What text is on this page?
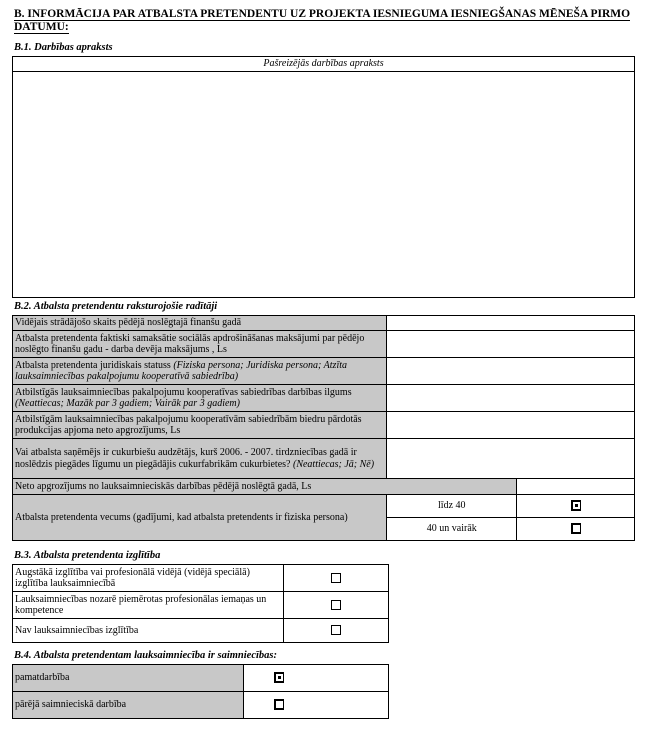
B. INFORMĀCIJA PAR ATBALSTA PRETENDENTU UZ PROJEKTA IESNIEGUMA IESNIEGŠANAS MĒNEŠA PIRMO DATUMU:
B.1. Darbības apraksts
Pašreizējās darbības apraksts

B.2. Atbalsta pretendentu raksturojošie radītāji
Vidējais strādājošo skaits pēdējā noslēgtajā finanšu gadā		
Atbalsta pretendenta faktiski samaksātie sociālās apdrošināšanas maksājumi par pēdējo noslēgto finanšu gadu - darba devēja maksājums , Ls		
Atbalsta pretendenta juridiskais statuss (Fiziska persona; Juridiska persona; Atzīta lauksaimniecības pakalpojumu kooperatīvā sabiedrība)		
Atbilstīgās lauksaimniecības pakalpojumu kooperatīvas sabiedrības darbības ilgums (Neattiecas; Mazāk par 3 gadiem; Vairāk par 3 gadiem)		
Atbilstīgām lauksaimniecības pakalpojumu kooperatīvām sabiedrībām biedru pārdotās produkcijas apjoma neto apgrozījums, Ls		
Vai atbalsta saņēmējs ir cukurbiešu audzētājs, kurš 2006. - 2007. tirdzniecības gadā ir noslēdzis piegādes līgumu un piegādājis cukurfabrikām cukurbietes? (Neattiecas; Jā; Nē)		
Neto apgrozījums no lauksaimnieciskās darbības pēdējā noslēgtā gadā, Ls		
Atbalsta pretendenta vecums (gadījumi, kad atbalsta pretendents ir fiziska persona)	līdz 40	
	40 un vairāk	
B.3. Atbalsta pretendenta izglītība
Augstākā izglītība vai profesionālā vidējā (vidējā speciālā) izglītība lauksaimniecībā	
Lauksaimniecības nozarē piemērotas profesionālas iemaņas un kompetence	
Nav lauksaimniecības izglītība	
B.4. Atbalsta pretendentam lauksaimniecība ir saimniecības:
pamatdarbība	
pārējā saimnieciskā darbība	
